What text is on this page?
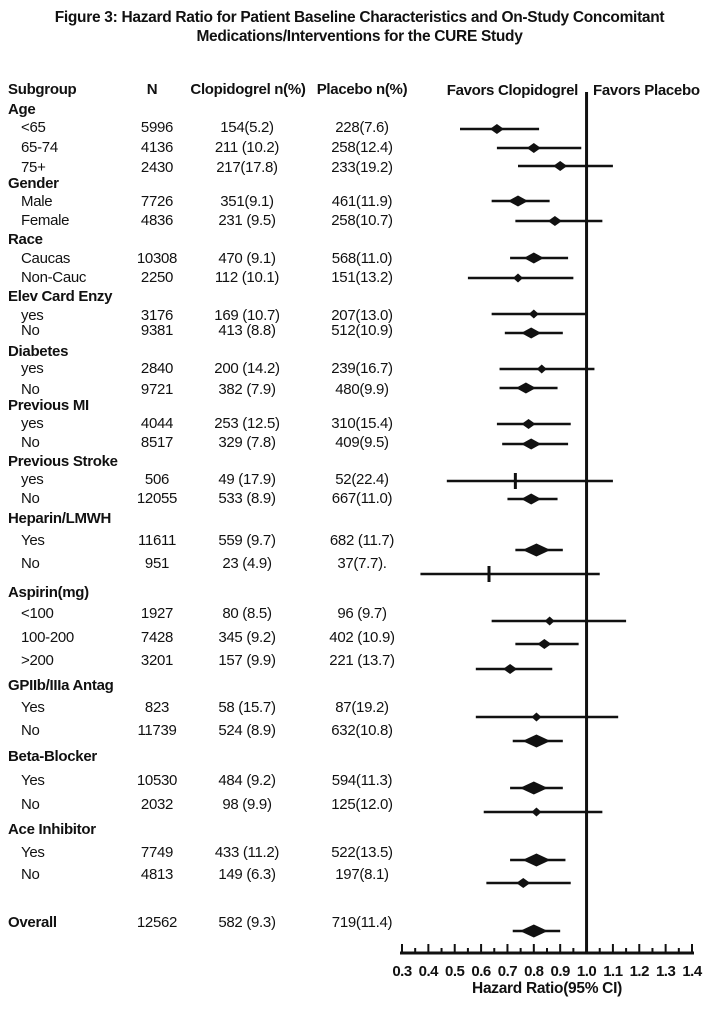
Figure 3: Hazard Ratio for Patient Baseline Characteristics and On-Study Concomitant
Medications/Interventions for the CURE Study
Subgroup	N Clopidogrel n(%) Placebo n(%)	Favors Clopidogrel Favors Placebo
Age
<65	5996	154(5.2)	228(7.6)
65-74	4136	211 (10.2)	258(12.4)
75+	2430	217(17.8)	233(19.2)
Gender
Male	7726	351(9.1)	461(11.9)
Female	4836	231 (9.5)	258(10.7)
Race
Caucas	10308	470 (9.1)	568(11.0)
Non-Cauc	2250	112 (10.1)	151(13.2)
Elev Card Enzy
yes	3176	169 (10.7)	207(13.0)
No	9381	413 (8.8)	512(10.9)
Diabetes
yes	2840	200 (14.2)	239(16.7)
No	9721	382 (7.9)	480(9.9)
Previous MI
yes	4044	253 (12.5)	310(15.4)
No	8517	329 (7.8)	409(9.5)
Previous Stroke
yes	506	49 (17.9)	52(22.4)
No	12055	533 (8.9)	667(11.0)
Heparin/LMWH
Yes	11611	559 (9.7)	682 (11.7)
No	951	23 (4.9)	37(7.7).
Aspirin(mg)
<100	1927	80 (8.5)	96 (9.7)
100-200	7428	345 (9.2)	402 (10.9)
>200	3201	157 (9.9)	221 (13.7)
GPIIb/IIIa Antag
Yes	823	58 (15.7)	87(19.2)
No	11739	524 (8.9)	632(10.8)
Beta-Blocker
Yes	10530	484 (9.2)	594(11.3)
No	2032	98 (9.9)	125(12.0)
Ace Inhibitor
Yes	7749	433 (11.2)	522(13.5)
No	4813	149 (6.3)	197(8.1)
Overall	12562	582 (9.3)	719(11.4)
0.3 0.4 0.5 0.6 0.7 0.8 0.9 1.0 1.1 1.2 1.3 1.4
Hazard Ratio(95% CI)
